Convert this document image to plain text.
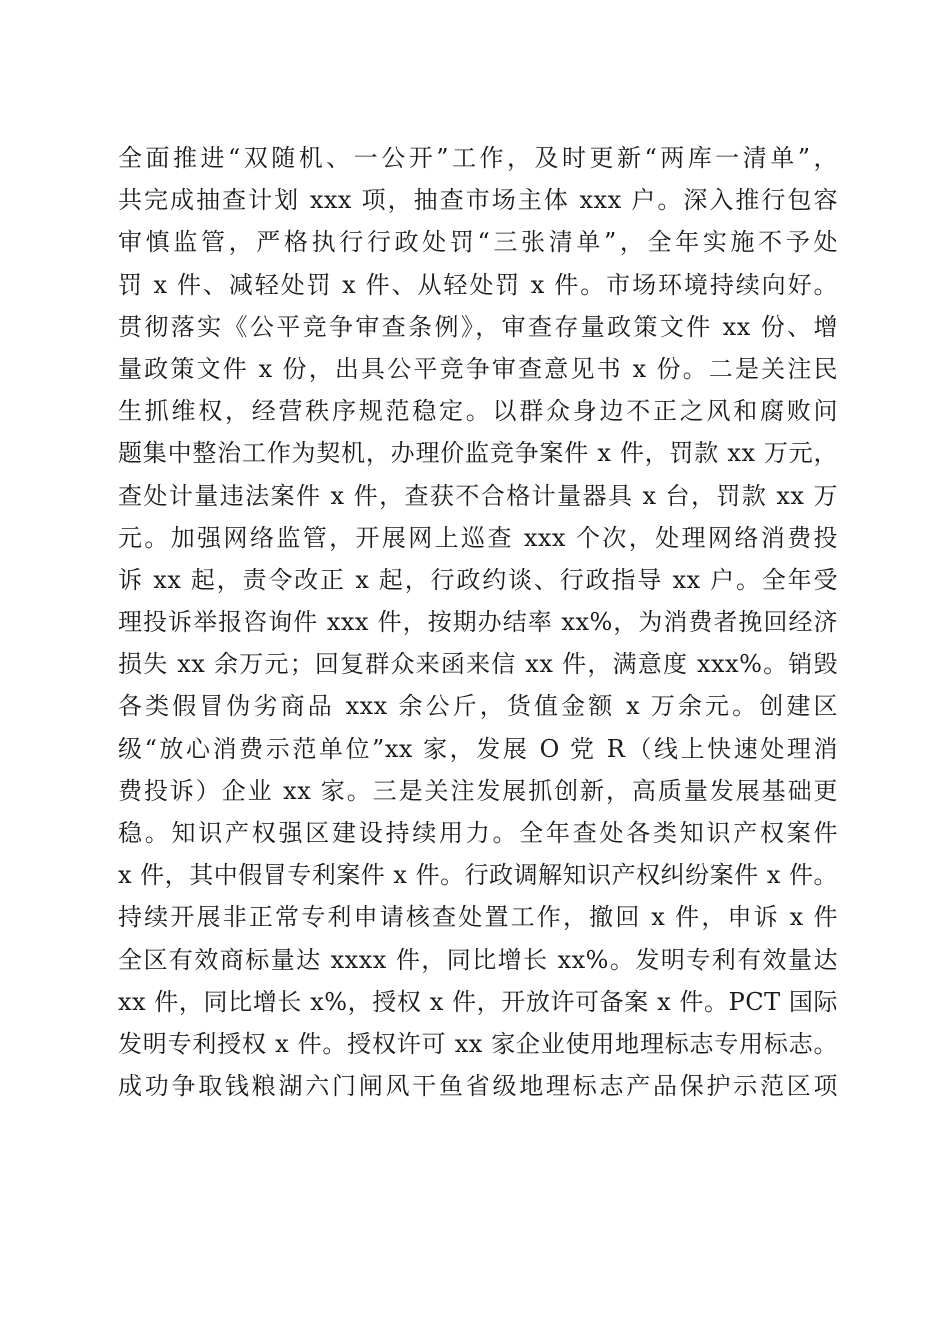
全面推进“双随机、一公开”工作，及时更新“两库一清单”，
共完成抽查计划 xxx 项，抽查市场主体 xxx 户。深入推行包容
审慎监管，严格执行行政处罚“三张清单”，全年实施不予处
罚 x 件、减轻处罚 x 件、从轻处罚 x 件。市场环境持续向好。
贯彻落实《公平竞争审查条例》，审查存量政策文件 xx 份、增
量政策文件 x 份，出具公平竞争审查意见书 x 份。二是关注民
生抓维权，经营秩序规范稳定。以群众身边不正之风和腐败问
题集中整治工作为契机，办理价监竞争案件 x 件，罚款 xx 万元，
查处计量违法案件 x 件，查获不合格计量器具 x 台，罚款 xx 万
元。加强网络监管，开展网上巡查 xxx 个次，处理网络消费投
诉 xx 起，责令改正 x 起，行政约谈、行政指导 xx 户。全年受
理投诉举报咨询件 xxx 件，按期办结率 xx%，为消费者挽回经济
损失 xx 余万元；回复群众来函来信 xx 件，满意度 xxx%。销毁
各类假冒伪劣商品 xxx 余公斤，货值金额 x 万余元。创建区
级“放心消费示范单位”xx 家，发展 O 党 R（线上快速处理消
费投诉）企业 xx 家。三是关注发展抓创新，高质量发展基础更
稳。知识产权强区建设持续用力。全年查处各类知识产权案件
x 件，其中假冒专利案件 x 件。行政调解知识产权纠纷案件 x 件。
持续开展非正常专利申请核查处置工作，撤回 x 件，申诉 x 件
全区有效商标量达 xxxx 件，同比增长 xx%。发明专利有效量达
xx 件，同比增长 x%，授权 x 件，开放许可备案 x 件。PCT 国际
发明专利授权 x 件。授权许可 xx 家企业使用地理标志专用标志。
成功争取钱粮湖六门闸风干鱼省级地理标志产品保护示范区项
